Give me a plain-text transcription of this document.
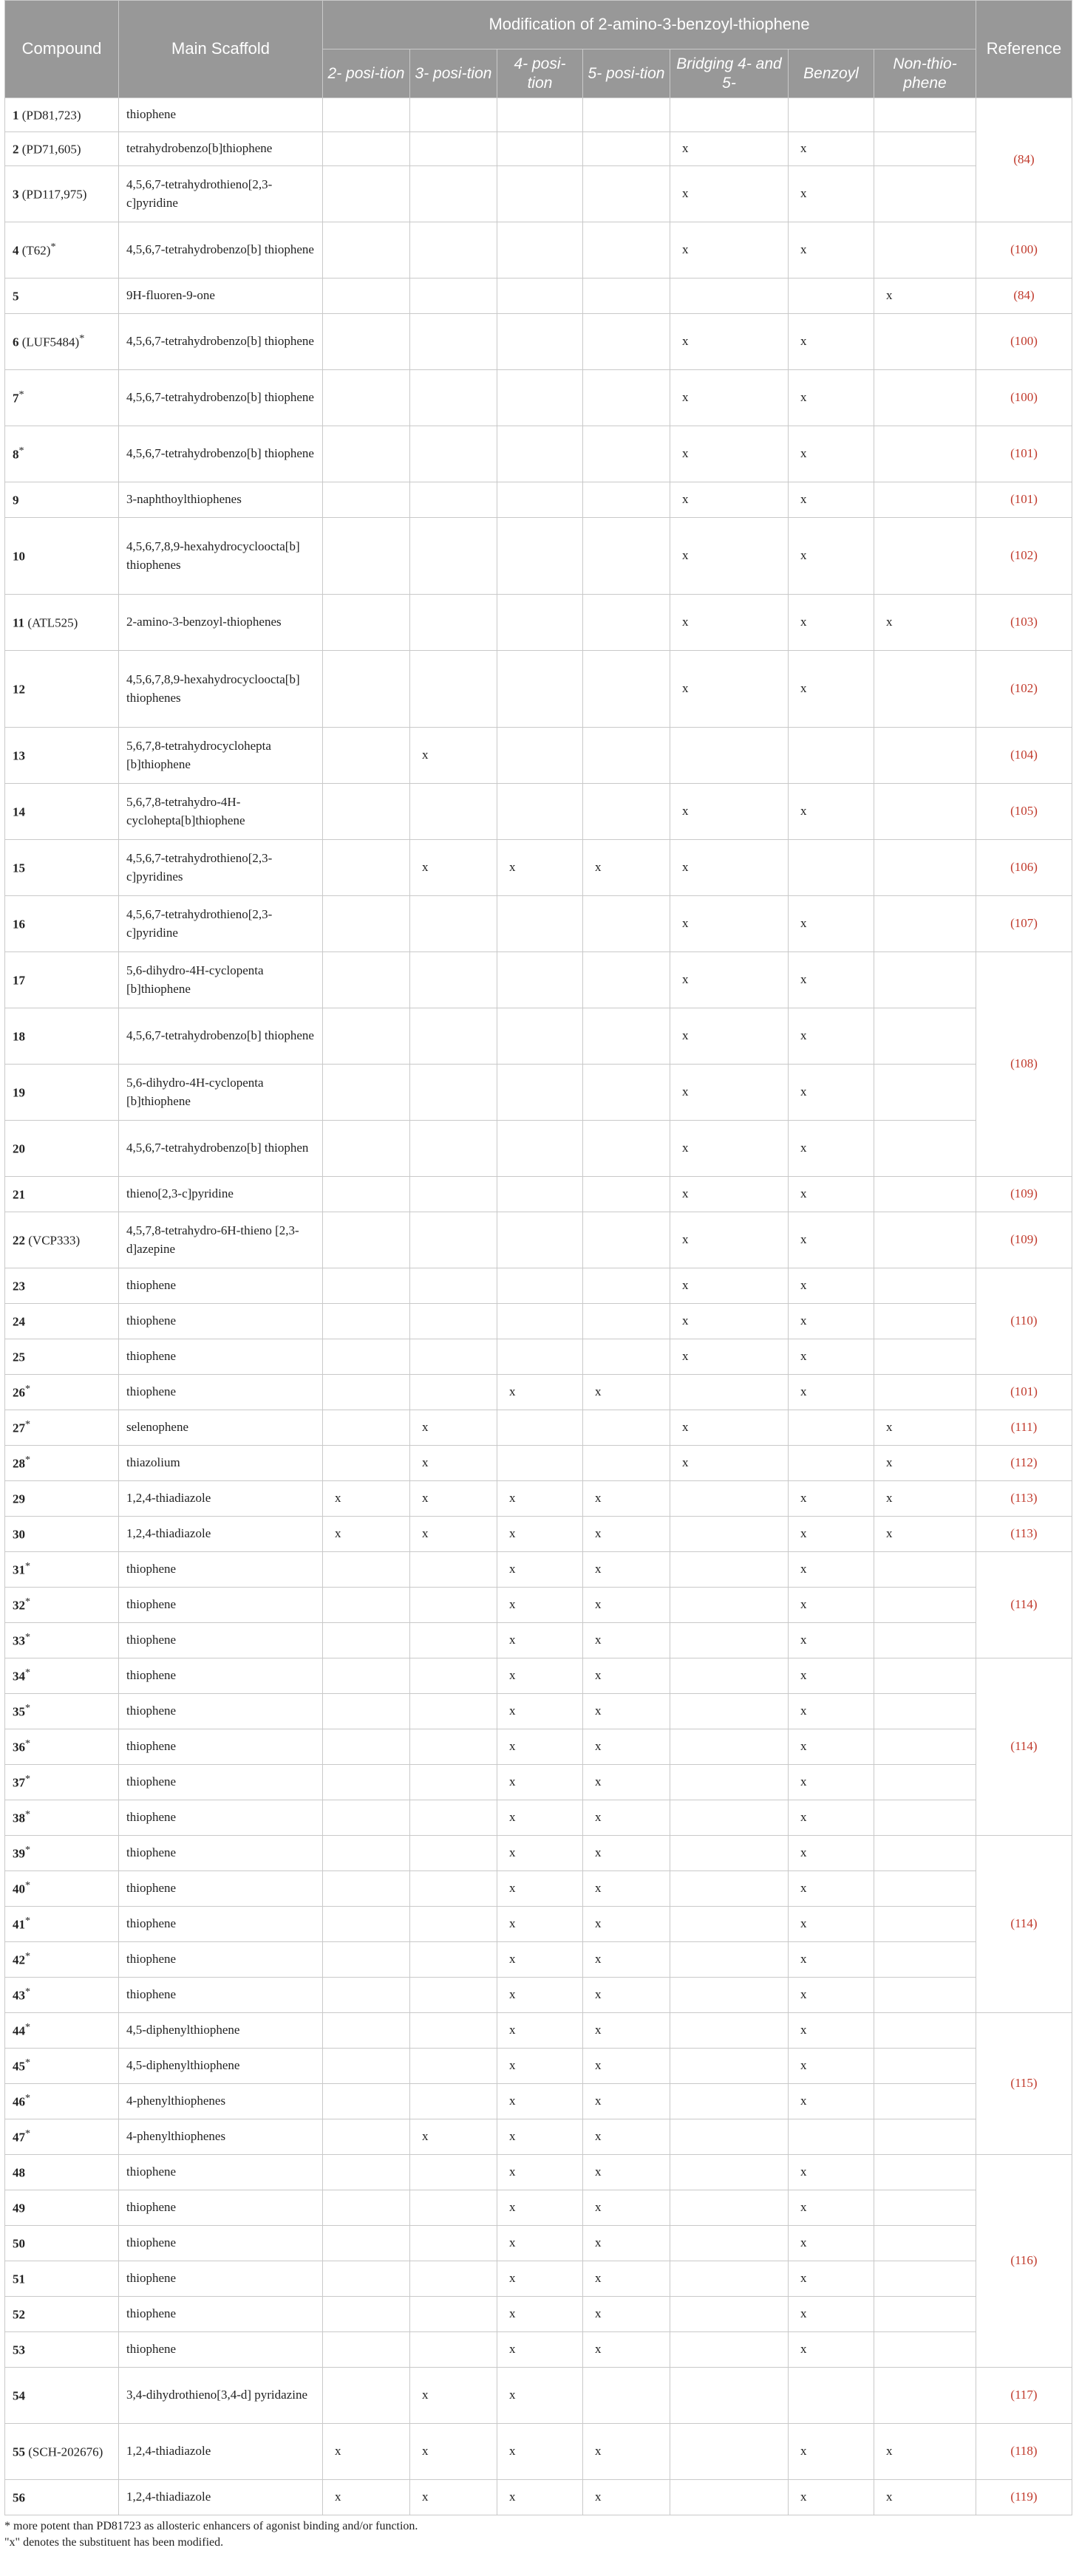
Compound	Main Scaffold	Modification of 2-amino-3-benzoyl-thiophene							Reference
		2- posi-tion	3- posi-tion	4- posi-tion	5- posi-tion	Bridging 4- and 5-	Benzoyl	Non-thio-phene	
1 (PD81,723)	thiophene								(84)
2 (PD71,605)	tetrahydrobenzo[b]thiophene					x	x		
3 (PD117,975)	4,5,6,7-tetrahydrothieno[2,3-c]pyridine					x	x		
4 (T62)*	4,5,6,7-tetrahydrobenzo[b] thiophene					x	x		(100)
5	9H-fluoren-9-one							x	(84)
6 (LUF5484)*	4,5,6,7-tetrahydrobenzo[b] thiophene					x	x		(100)
7*	4,5,6,7-tetrahydrobenzo[b] thiophene					x	x		(100)
8*	4,5,6,7-tetrahydrobenzo[b] thiophene					x	x		(101)
9	3-naphthoylthiophenes					x	x		(101)
10	4,5,6,7,8,9-hexahydrocycloocta[b] thiophenes					x	x		(102)
11 (ATL525)	2-amino-3-benzoyl-thiophenes					x	x	x	(103)
12	4,5,6,7,8,9-hexahydrocycloocta[b] thiophenes					x	x		(102)
13	5,6,7,8-tetrahydrocyclohepta [b]thiophene		x						(104)
14	5,6,7,8-tetrahydro-4H-cyclohepta[b]thiophene					x	x		(105)
15	4,5,6,7-tetrahydrothieno[2,3-c]pyridines		x	x	x	x			(106)
16	4,5,6,7-tetrahydrothieno[2,3-c]pyridine					x	x		(107)
17	5,6-dihydro-4H-cyclopenta [b]thiophene					x	x		(108)
18	4,5,6,7-tetrahydrobenzo[b] thiophene					x	x		
19	5,6-dihydro-4H-cyclopenta [b]thiophene					x	x		
20	4,5,6,7-tetrahydrobenzo[b] thiophen					x	x		
21	thieno[2,3-c]pyridine					x	x		(109)
22 (VCP333)	4,5,7,8-tetrahydro-6H-thieno [2,3-d]azepine					x	x		(109)
23	thiophene					x	x		(110)
24	thiophene					x	x		
25	thiophene					x	x		
26*	thiophene			x	x		x		(101)
27*	selenophene		x			x		x	(111)
28*	thiazolium		x			x		x	(112)
29	1,2,4-thiadiazole	x	x	x	x		x	x	(113)
30	1,2,4-thiadiazole	x	x	x	x		x	x	(113)
31*	thiophene			x	x		x		(114)
32*	thiophene			x	x		x		
33*	thiophene			x	x		x		
34*	thiophene			x	x		x		(114)
35*	thiophene			x	x		x		
36*	thiophene			x	x		x		
37*	thiophene			x	x		x		
38*	thiophene			x	x		x		
39*	thiophene			x	x		x		(114)
40*	thiophene			x	x		x		
41*	thiophene			x	x		x		
42*	thiophene			x	x		x		
43*	thiophene			x	x		x		
44*	4,5-diphenylthiophene			x	x		x		(115)
45*	4,5-diphenylthiophene			x	x		x		
46*	4-phenylthiophenes			x	x		x		
47*	4-phenylthiophenes		x	x	x				
48	thiophene			x	x		x		(116)
49	thiophene			x	x		x		
50	thiophene			x	x		x		
51	thiophene			x	x		x		
52	thiophene			x	x		x		
53	thiophene			x	x		x		
54	3,4-dihydrothieno[3,4-d] pyridazine		x	x					(117)
55 (SCH-202676)	1,2,4-thiadiazole	x	x	x	x		x	x	(118)
56	1,2,4-thiadiazole	x	x	x	x		x	x	(119)
* more potent than PD81723 as allosteric enhancers of agonist binding and/or function.
"x" denotes the substituent has been modified.
